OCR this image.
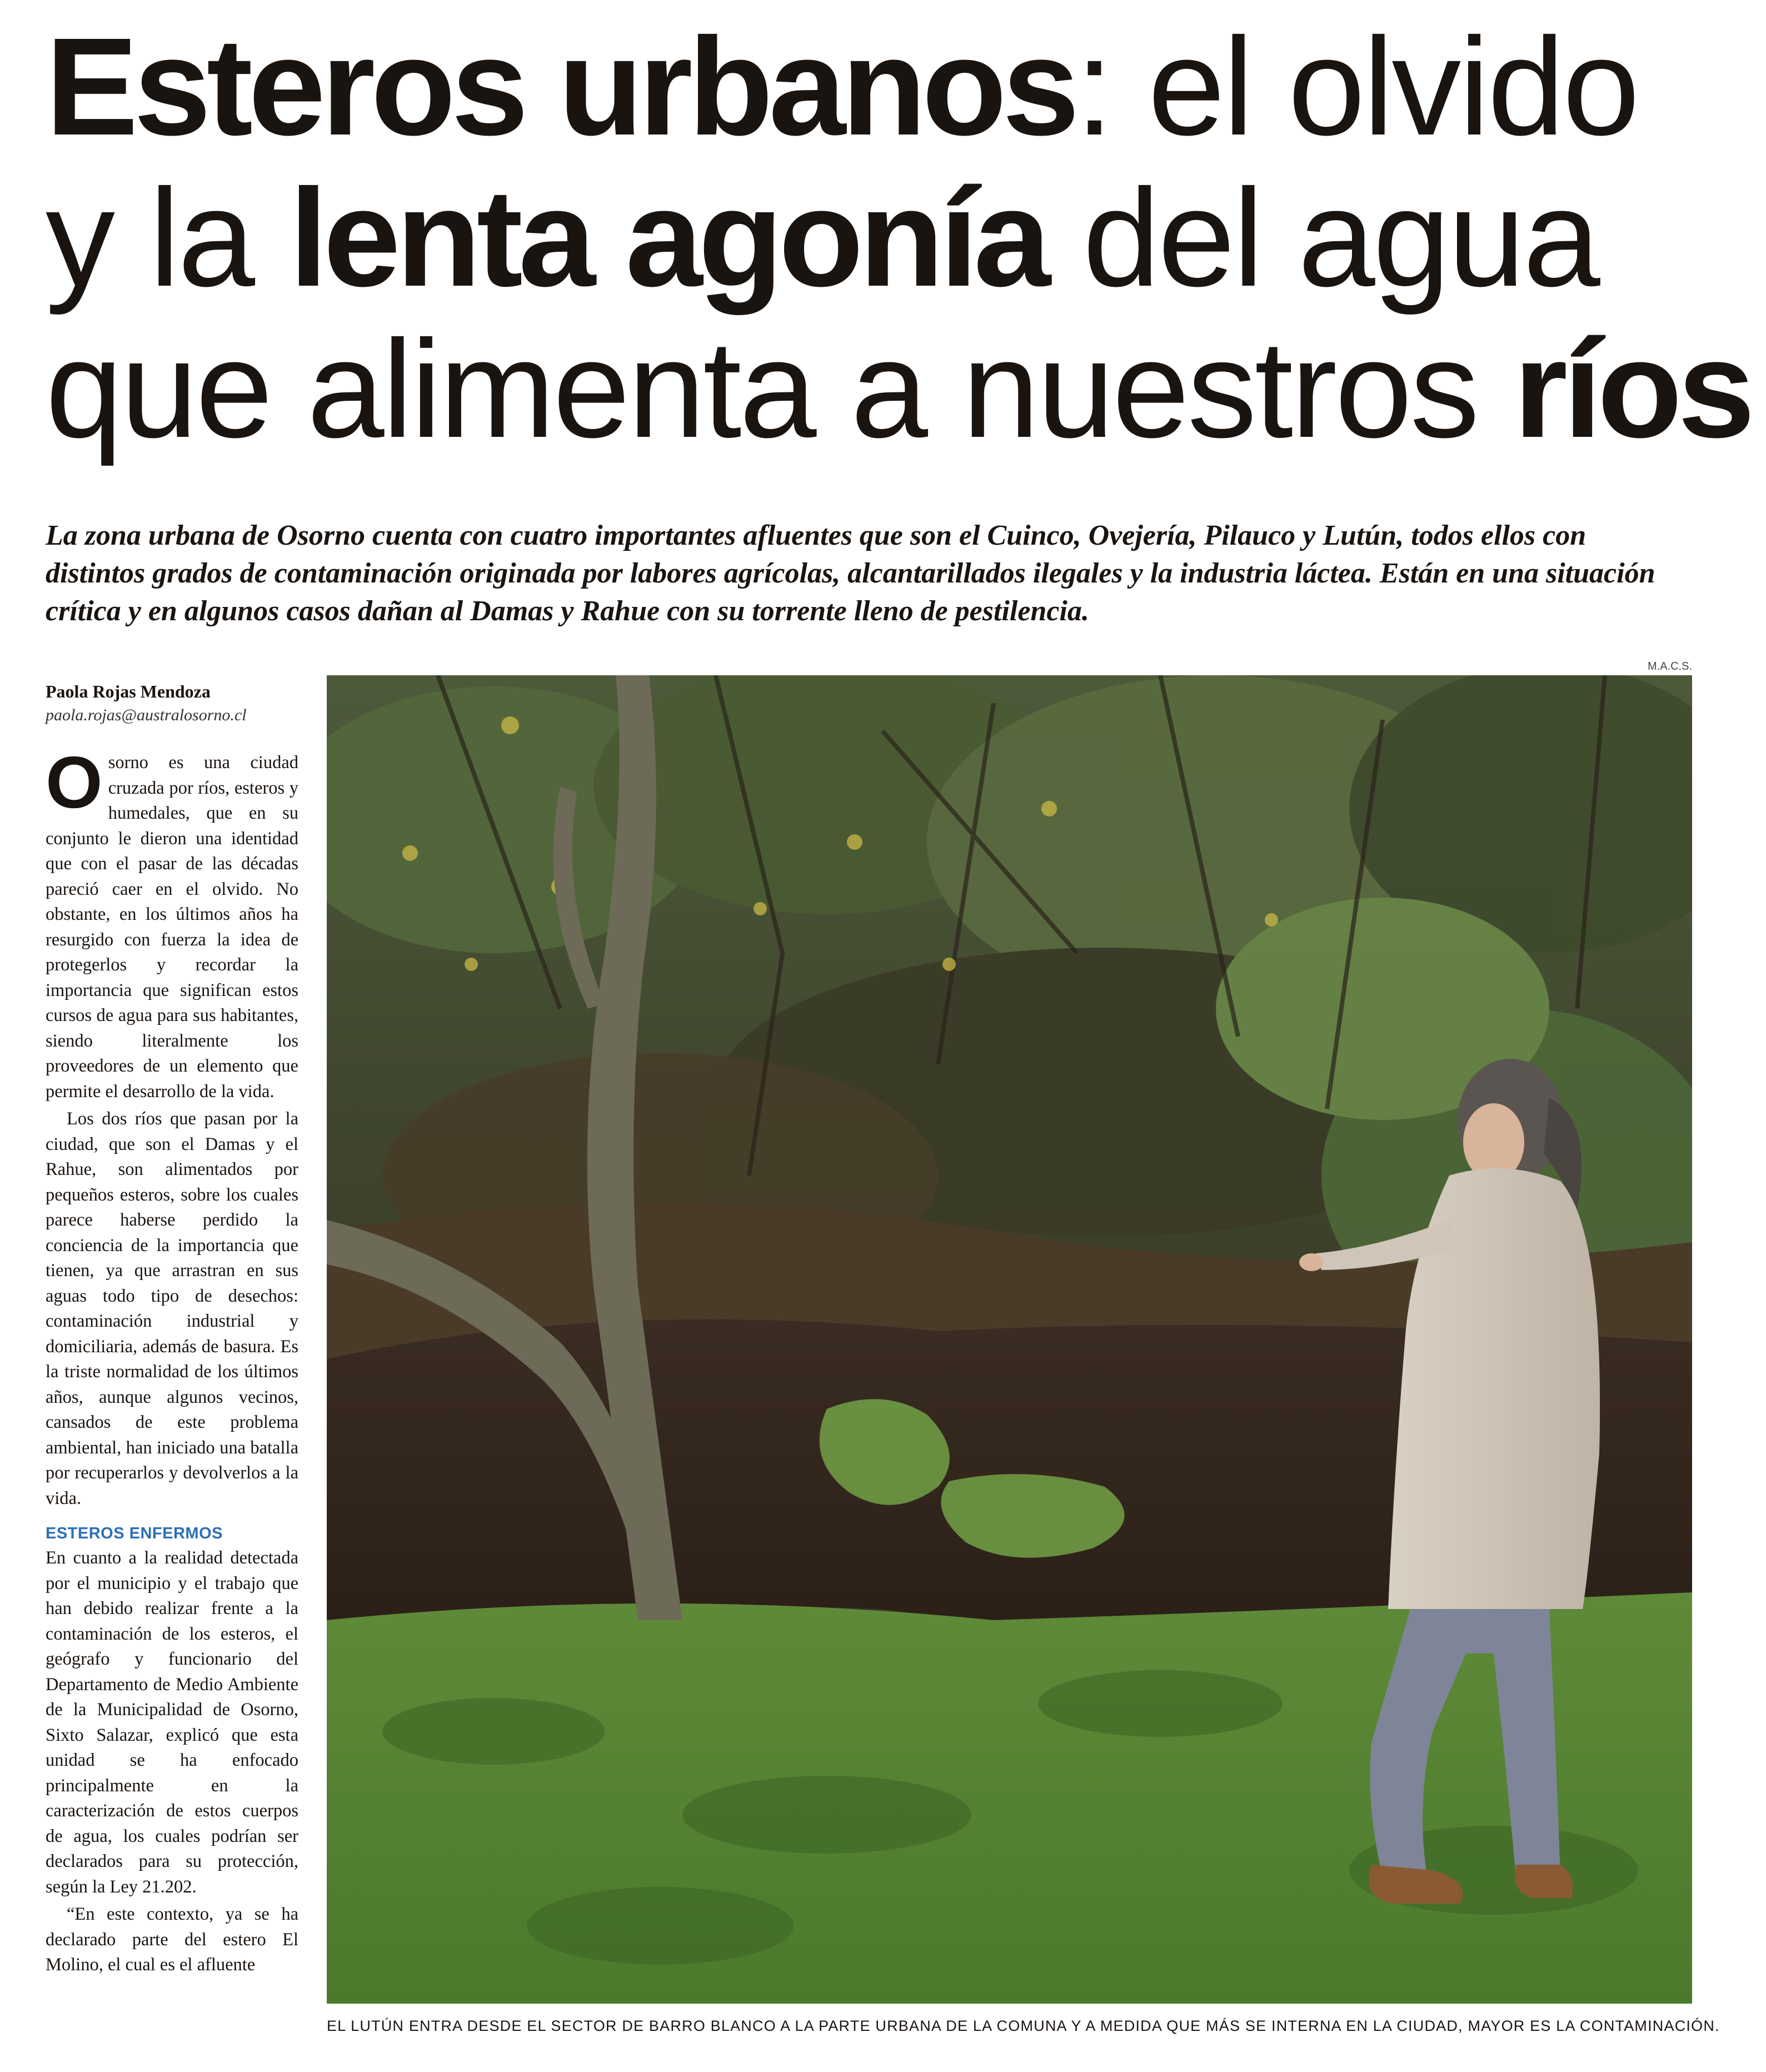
Esteros urbanos: el olvido
y la lenta agonía del agua
que alimenta a nuestros ríos
La zona urbana de Osorno cuenta con cuatro importantes afluentes que son el Cuinco, Ovejería, Pilauco y Lutún, todos ellos con distintos grados de contaminación originada por labores agrícolas, alcantarillados ilegales y la industria láctea. Están en una situación crítica y en algunos casos dañan al Damas y Rahue con su torrente lleno de pestilencia.
Paola Rojas Mendoza
paola.rojas@australosorno.cl

Osorno es una ciudad cruzada por ríos, esteros y humedales, que en su conjunto le dieron una identidad que con el pasar de las décadas pareció caer en el olvido. No obstante, en los últimos años ha resurgido con fuerza la idea de protegerlos y recordar la importancia que significan estos cursos de agua para sus habitantes, siendo literalmente los proveedores de un elemento que permite el desarrollo de la vida.

Los dos ríos que pasan por la ciudad, que son el Damas y el Rahue, son alimentados por pequeños esteros, sobre los cuales parece haberse perdido la conciencia de la importancia que tienen, ya que arrastran en sus aguas todo tipo de desechos: contaminación industrial y domiciliaria, además de basura. Es la triste normalidad de los últimos años, aunque algunos vecinos, cansados de este problema ambiental, han iniciado una batalla por recuperarlos y devolverlos a la vida.

ESTEROS ENFERMOS

En cuanto a la realidad detectada por el municipio y el trabajo que han debido realizar frente a la contaminación de los esteros, el geógrafo y funcionario del Departamento de Medio Ambiente de la Municipalidad de Osorno, Sixto Salazar, explicó que esta unidad se ha enfocado principalmente en la caracterización de estos cuerpos de agua, los cuales podrían ser declarados para su protección, según la Ley 21.202.

“En este contexto, ya se ha declarado parte del estero El Molino, el cual es el afluente

M.A.C.S.
EL LUTÚN ENTRA DESDE EL SECTOR DE BARRO BLANCO A LA PARTE URBANA DE LA COMUNA Y A MEDIDA QUE MÁS SE INTERNA EN LA CIUDAD, MAYOR ES LA CONTAMINACIÓN.
